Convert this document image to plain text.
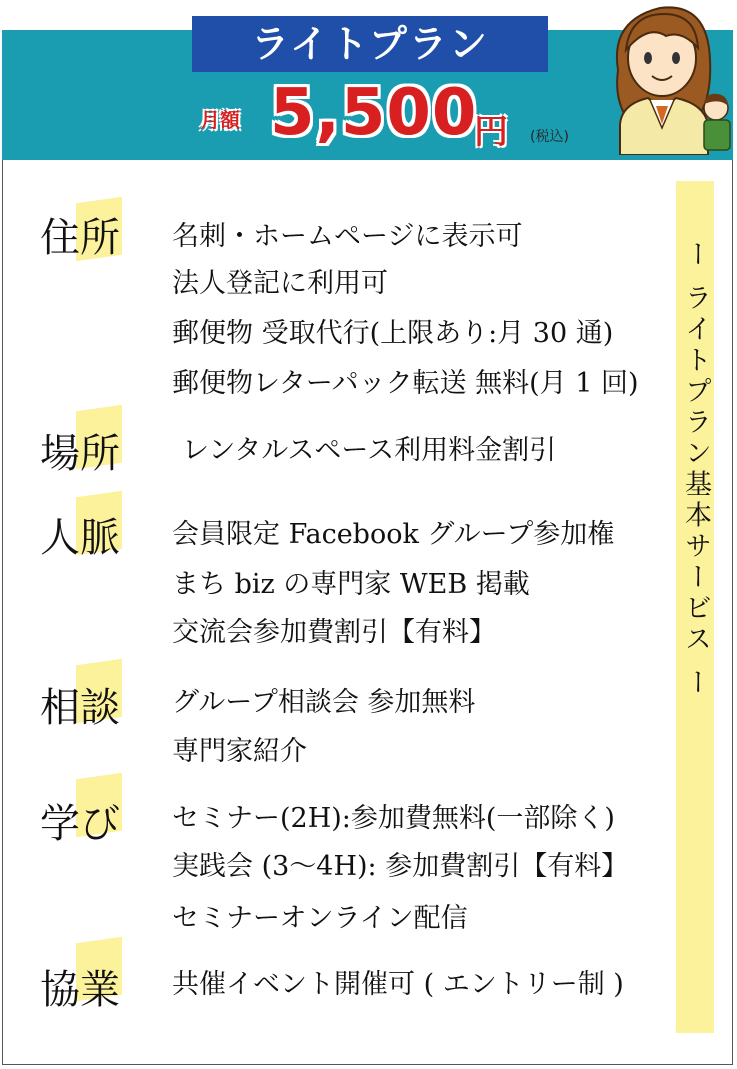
ライトプラン
月額 5,500
円 (税込)
ー ライトプラン基本サービス ー
住所 名刺・ホームページに表示可
法人登記に利用可
郵便物 受取代行(上限あり:月 30 通)
郵便物レターパック転送 無料(月 1 回)
場所 レンタルスペース利用料金割引
人脈 会員限定 Facebook グループ参加権
まち biz の専門家 WEB 掲載
交流会参加費割引【有料】
相談 グループ相談会 参加無料
専門家紹介
学び セミナー(2H):参加費無料(一部除く)
実践会 (3〜4H): 参加費割引【有料】
セミナーオンライン配信
協業 共催イベント開催可 ( エントリー制 )
